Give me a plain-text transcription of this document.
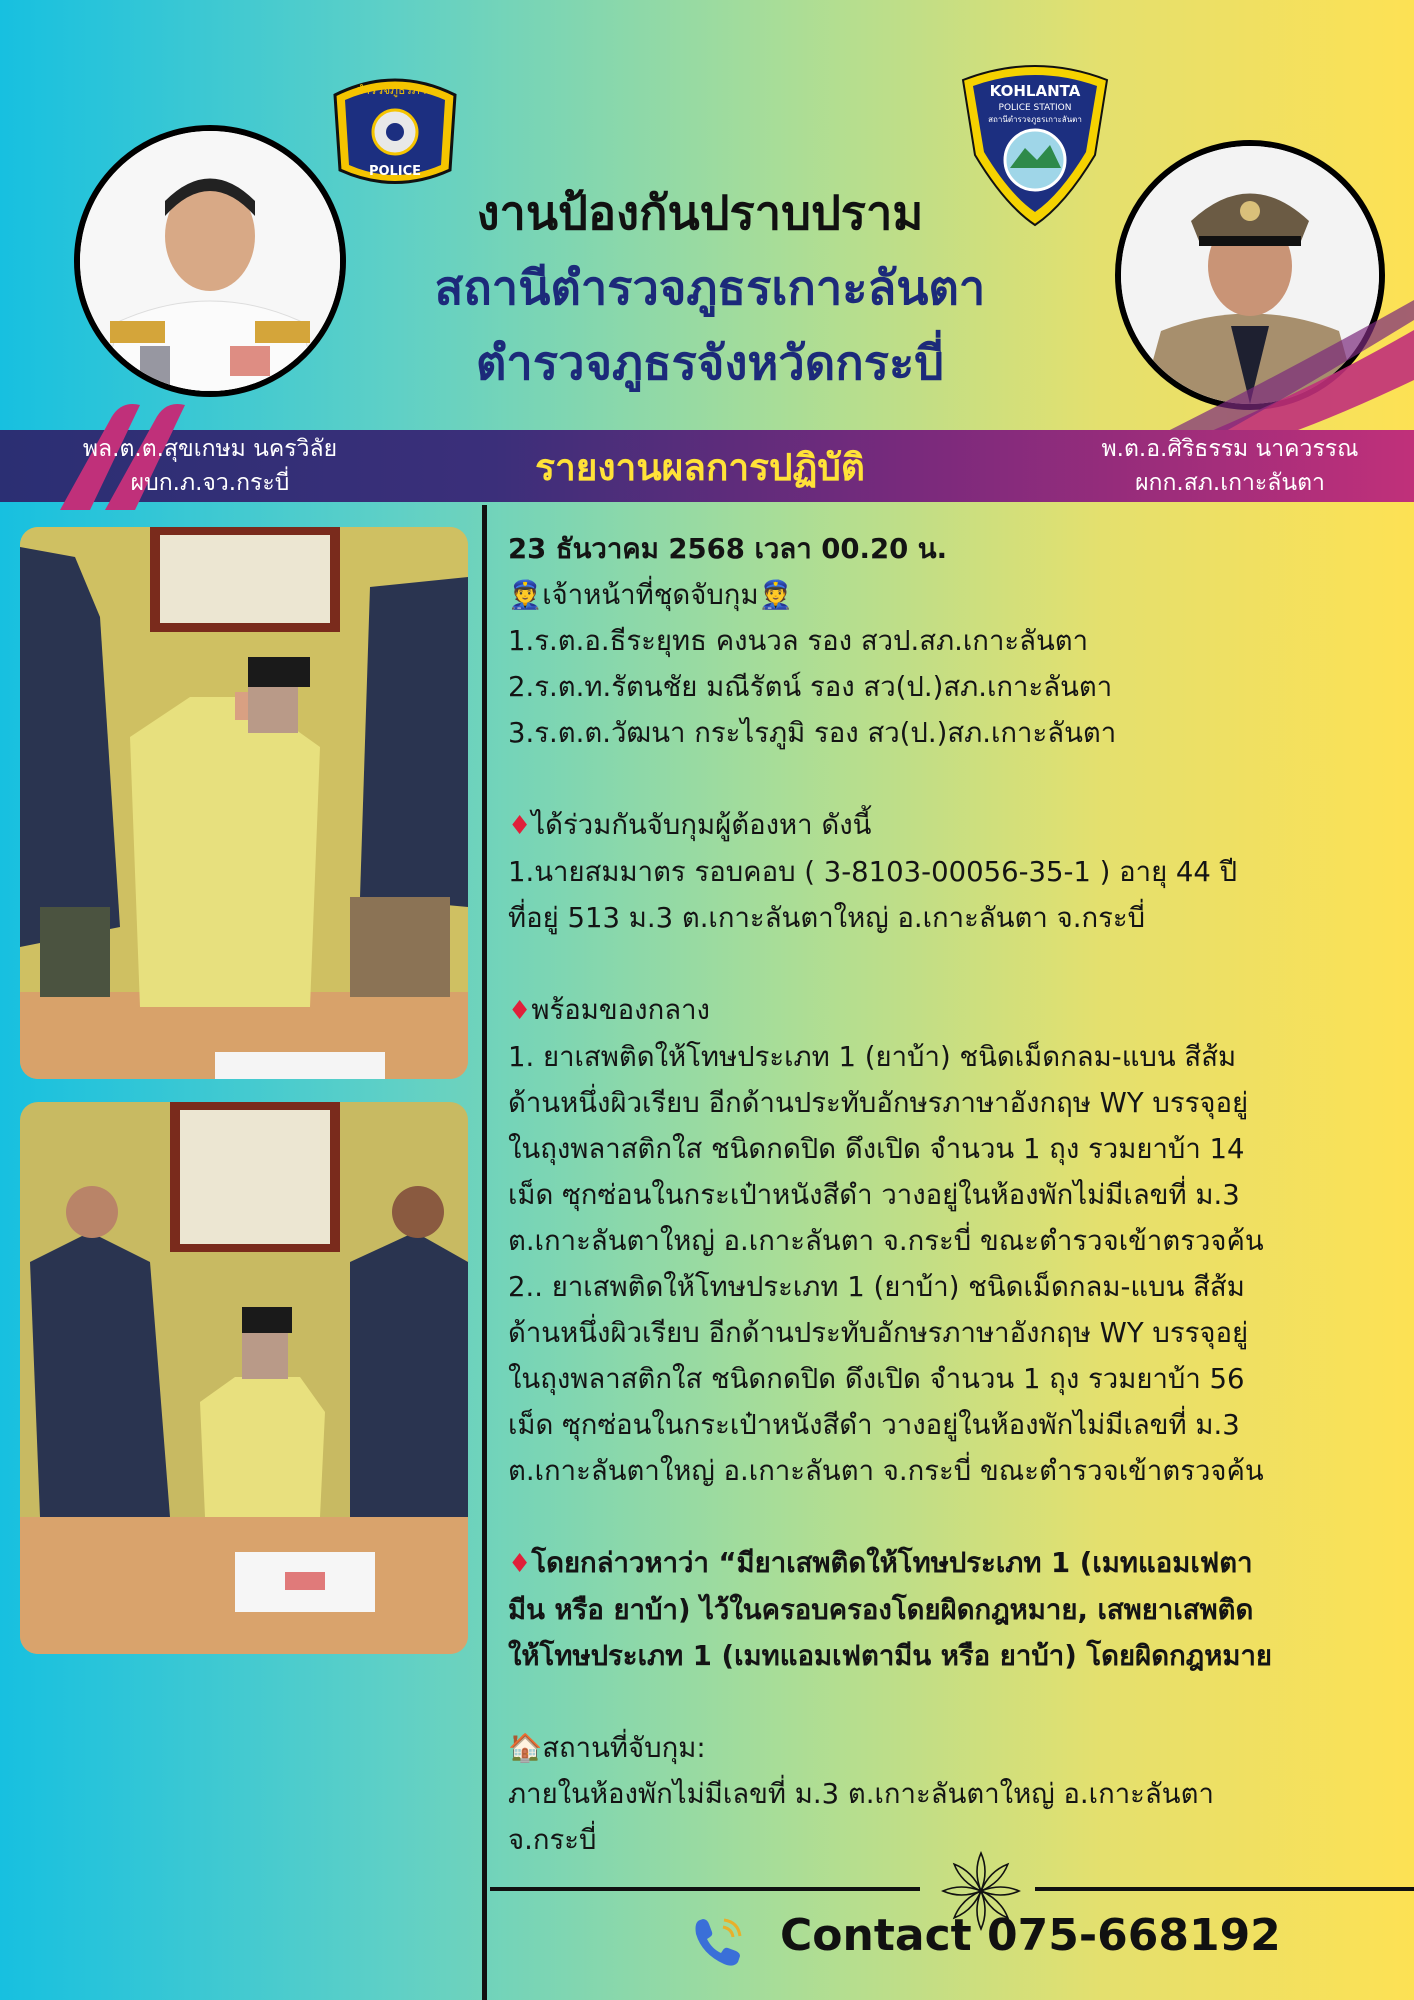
ตำรวจภูธรภาค
POLICE
KOHLANTA
POLICE STATION
สถานีตำรวจภูธรเกาะลันตา
งานป้องกันปราบปราม
สถานีตำรวจภูธรเกาะลันตา
ตำรวจภูธรจังหวัดกระบี่
พล.ต.ต.สุขเกษม นครวิลัย
ผบก.ภ.จว.กระบี่	รายงานผลการปฏิบัติ	พ.ต.อ.ศิริธรรม นาควรรณ
ผกก.สภ.เกาะลันตา

23 ธันวาคม 2568 เวลา 00.20 น.

👮เจ้าหน้าที่ชุดจับกุม👮

1.ร.ต.อ.ธีระยุทธ คงนวล รอง สวป.สภ.เกาะลันตา

2.ร.ต.ท.รัตนชัย มณีรัตน์ รอง สว(ป.)สภ.เกาะลันตา

3.ร.ต.ต.วัฒนา กระไรภูมิ รอง สว(ป.)สภ.เกาะลันตา

♦ได้ร่วมกันจับกุมผู้ต้องหา ดังนี้

1.นายสมมาตร รอบคอบ ( 3-8103-00056-35-1 ) อายุ 44 ปี

ที่อยู่ 513 ม.3 ต.เกาะลันตาใหญ่ อ.เกาะลันตา จ.กระบี่

♦พร้อมของกลาง

1. ยาเสพติดให้โทษประเภท 1 (ยาบ้า) ชนิดเม็ดกลม-แบน สีส้ม

ด้านหนึ่งผิวเรียบ อีกด้านประทับอักษรภาษาอังกฤษ WY บรรจุอยู่

ในถุงพลาสติกใส ชนิดกดปิด ดึงเปิด จำนวน 1 ถุง รวมยาบ้า 14

เม็ด ซุกซ่อนในกระเป๋าหนังสีดำ วางอยู่ในห้องพักไม่มีเลขที่ ม.3

ต.เกาะลันตาใหญ่ อ.เกาะลันตา จ.กระบี่ ขณะตำรวจเข้าตรวจค้น

2.. ยาเสพติดให้โทษประเภท 1 (ยาบ้า) ชนิดเม็ดกลม-แบน สีส้ม

ด้านหนึ่งผิวเรียบ อีกด้านประทับอักษรภาษาอังกฤษ WY บรรจุอยู่

ในถุงพลาสติกใส ชนิดกดปิด ดึงเปิด จำนวน 1 ถุง รวมยาบ้า 56

เม็ด ซุกซ่อนในกระเป๋าหนังสีดำ วางอยู่ในห้องพักไม่มีเลขที่ ม.3

ต.เกาะลันตาใหญ่ อ.เกาะลันตา จ.กระบี่ ขณะตำรวจเข้าตรวจค้น

♦โดยกล่าวหาว่า “มียาเสพติดให้โทษประเภท 1 (เมทแอมเฟตา

มีน หรือ ยาบ้า) ไว้ในครอบครองโดยผิดกฎหมาย, เสพยาเสพติด

ให้โทษประเภท 1 (เมทแอมเฟตามีน หรือ ยาบ้า) โดยผิดกฎหมาย

🏠สถานที่จับกุม:

ภายในห้องพักไม่มีเลขที่ ม.3 ต.เกาะลันตาใหญ่ อ.เกาะลันตา

จ.กระบี่

Contact 075-668192
